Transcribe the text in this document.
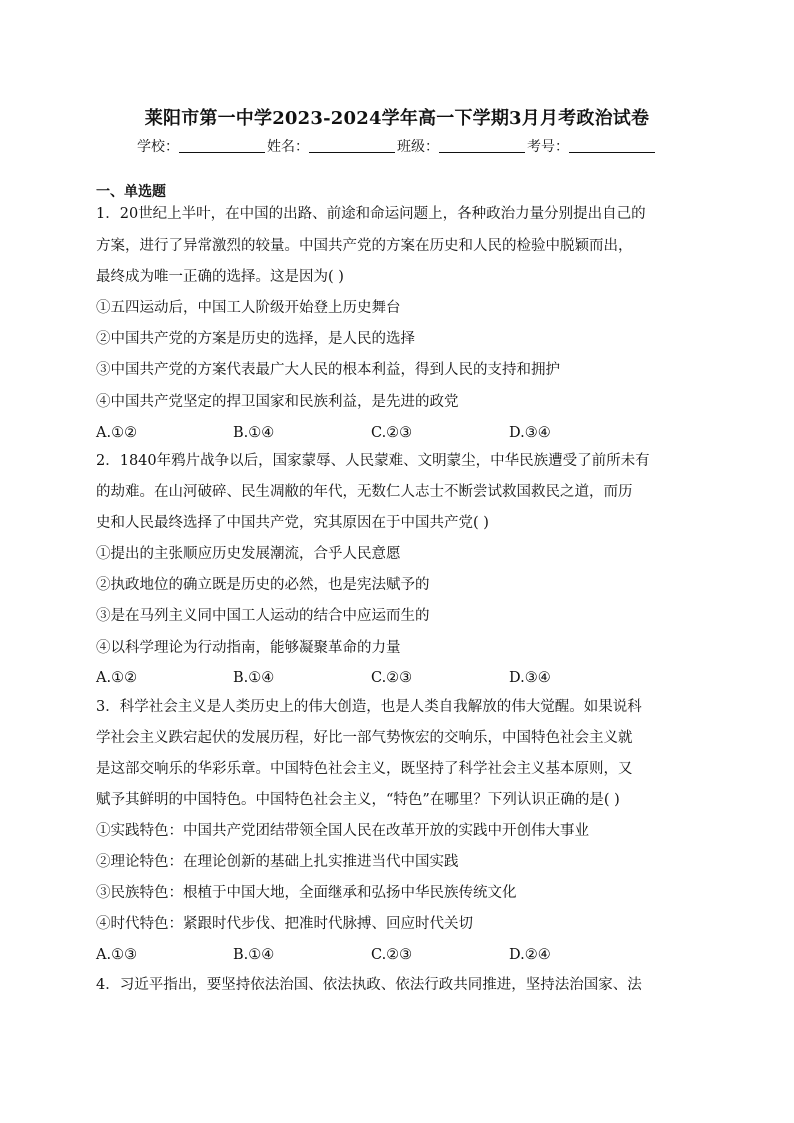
莱阳市第一中学2023-2024学年高一下学期3月月考政治试卷
学校：	姓名：	班级：	考号：
一、单选题
1．20世纪上半叶，在中国的出路、前途和命运问题上，各种政治力量分别提出自己的
方案，进行了异常激烈的较量。中国共产党的方案在历史和人民的检验中脱颖而出，
最终成为唯一正确的选择。这是因为( )
①五四运动后，中国工人阶级开始登上历史舞台
②中国共产党的方案是历史的选择，是人民的选择
③中国共产党的方案代表最广大人民的根本利益，得到人民的支持和拥护
④中国共产党坚定的捍卫国家和民族利益，是先进的政党
A.①②	B.①④	C.②③	D.③④
2．1840年鸦片战争以后，国家蒙辱、人民蒙难、文明蒙尘，中华民族遭受了前所未有
的劫难。在山河破碎、民生凋敝的年代，无数仁人志士不断尝试救国救民之道，而历
史和人民最终选择了中国共产党，究其原因在于中国共产党( )
①提出的主张顺应历史发展潮流，合乎人民意愿
②执政地位的确立既是历史的必然，也是宪法赋予的
③是在马列主义同中国工人运动的结合中应运而生的
④以科学理论为行动指南，能够凝聚革命的力量
A.①②	B.①④	C.②③	D.③④
3．科学社会主义是人类历史上的伟大创造，也是人类自我解放的伟大觉醒。如果说科
学社会主义跌宕起伏的发展历程，好比一部气势恢宏的交响乐，中国特色社会主义就
是这部交响乐的华彩乐章。中国特色社会主义，既坚持了科学社会主义基本原则，又
赋予其鲜明的中国特色。中国特色社会主义，“特色”在哪里？下列认识正确的是( )
①实践特色：中国共产党团结带领全国人民在改革开放的实践中开创伟大事业
②理论特色：在理论创新的基础上扎实推进当代中国实践
③民族特色：根植于中国大地，全面继承和弘扬中华民族传统文化
④时代特色：紧跟时代步伐、把准时代脉搏、回应时代关切
A.①③	B.①④	C.②③	D.②④
4．习近平指出，要坚持依法治国、依法执政、依法行政共同推进，坚持法治国家、法
